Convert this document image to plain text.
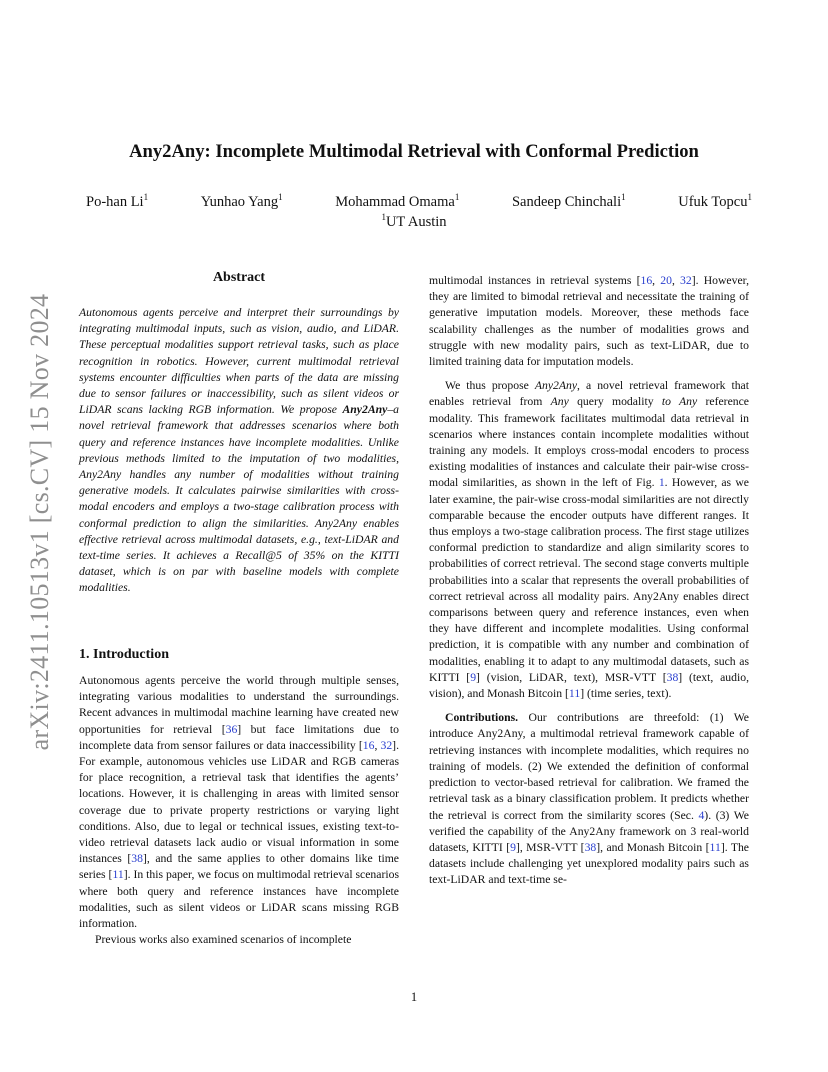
arXiv:2411.10513v1 [cs.CV] 15 Nov 2024
Any2Any: Incomplete Multimodal Retrieval with Conformal Prediction
Po-han Li$^1$	Yunhao Yang$^1$	Mohammad Omama$^1$	Sandeep Chinchali$^1$	Ufuk Topcu$^1$
$^1$UT Austin
Abstract

Autonomous agents perceive and interpret their surroundings by integrating multimodal inputs, such as vision, audio, and LiDAR. These perceptual modalities support retrieval tasks, such as place recognition in robotics. However, current multimodal retrieval systems encounter difficulties when parts of the data are missing due to sensor failures or inaccessibility, such as silent videos or LiDAR scans lacking RGB information. We propose Any2Any–a novel retrieval framework that addresses scenarios where both query and reference instances have incomplete modalities. Unlike previous methods limited to the imputation of two modalities, Any2Any handles any number of modalities without training generative models. It calculates pairwise similarities with cross-modal encoders and employs a two-stage calibration process with conformal prediction to align the similarities. Any2Any enables effective retrieval across multimodal datasets, e.g., text-LiDAR and text-time series. It achieves a Recall@5 of 35% on the KITTI dataset, which is on par with baseline models with complete modalities.

1. Introduction

Autonomous agents perceive the world through multiple senses, integrating various modalities to understand the surroundings. Recent advances in multimodal machine learning have created new opportunities for retrieval [36] but face limitations due to incomplete data from sensor failures or data inaccessibility [16, 32]. For example, autonomous vehicles use LiDAR and RGB cameras for place recognition, a retrieval task that identifies the agents’ locations. However, it is challenging in areas with limited sensor coverage due to private property restrictions or varying light conditions. Also, due to legal or technical issues, existing text-to-video retrieval datasets lack audio or visual information in some instances [38], and the same applies to other domains like time series [11]. In this paper, we focus on multimodal retrieval scenarios where both query and reference instances have incomplete modalities, such as silent videos or LiDAR scans missing RGB information.

Previous works also examined scenarios of incomplete

multimodal instances in retrieval systems [16, 20, 32]. However, they are limited to bimodal retrieval and necessitate the training of generative imputation models. Moreover, these methods face scalability challenges as the number of modalities grows and struggle with new modality pairs, such as text-LiDAR, due to limited training data for imputation models.

We thus propose Any2Any, a novel retrieval framework that enables retrieval from Any query modality to Any reference modality. This framework facilitates multimodal data retrieval in scenarios where instances contain incomplete modalities without training any models. It employs cross-modal encoders to process existing modalities of instances and calculate their pair-wise cross-modal similarities, as shown in the left of Fig. 1. However, as we later examine, the pair-wise cross-modal similarities are not directly comparable because the encoder outputs have different ranges. It thus employs a two-stage calibration process. The first stage utilizes conformal prediction to standardize and align similarity scores to probabilities of correct retrieval. The second stage converts multiple probabilities into a scalar that represents the overall probabilities of correct retrieval across all modality pairs. Any2Any enables direct comparisons between query and reference instances, even when they have different and incomplete modalities. Using conformal prediction, it is compatible with any number and combination of modalities, enabling it to adapt to any multimodal datasets, such as KITTI [9] (vision, LiDAR, text), MSR-VTT [38] (text, audio, vision), and Monash Bitcoin [11] (time series, text).

Contributions. Our contributions are threefold: (1) We introduce Any2Any, a multimodal retrieval framework capable of retrieving instances with incomplete modalities, which requires no training of models. (2) We extended the definition of conformal prediction to vector-based retrieval for calibration. We framed the retrieval task as a binary classification problem. It predicts whether the retrieval is correct from the similarity scores (Sec. 4). (3) We verified the capability of the Any2Any framework on 3 real-world datasets, KITTI [9], MSR-VTT [38], and Monash Bitcoin [11]. The datasets include challenging yet unexplored modality pairs such as text-LiDAR and text-time se-

1
